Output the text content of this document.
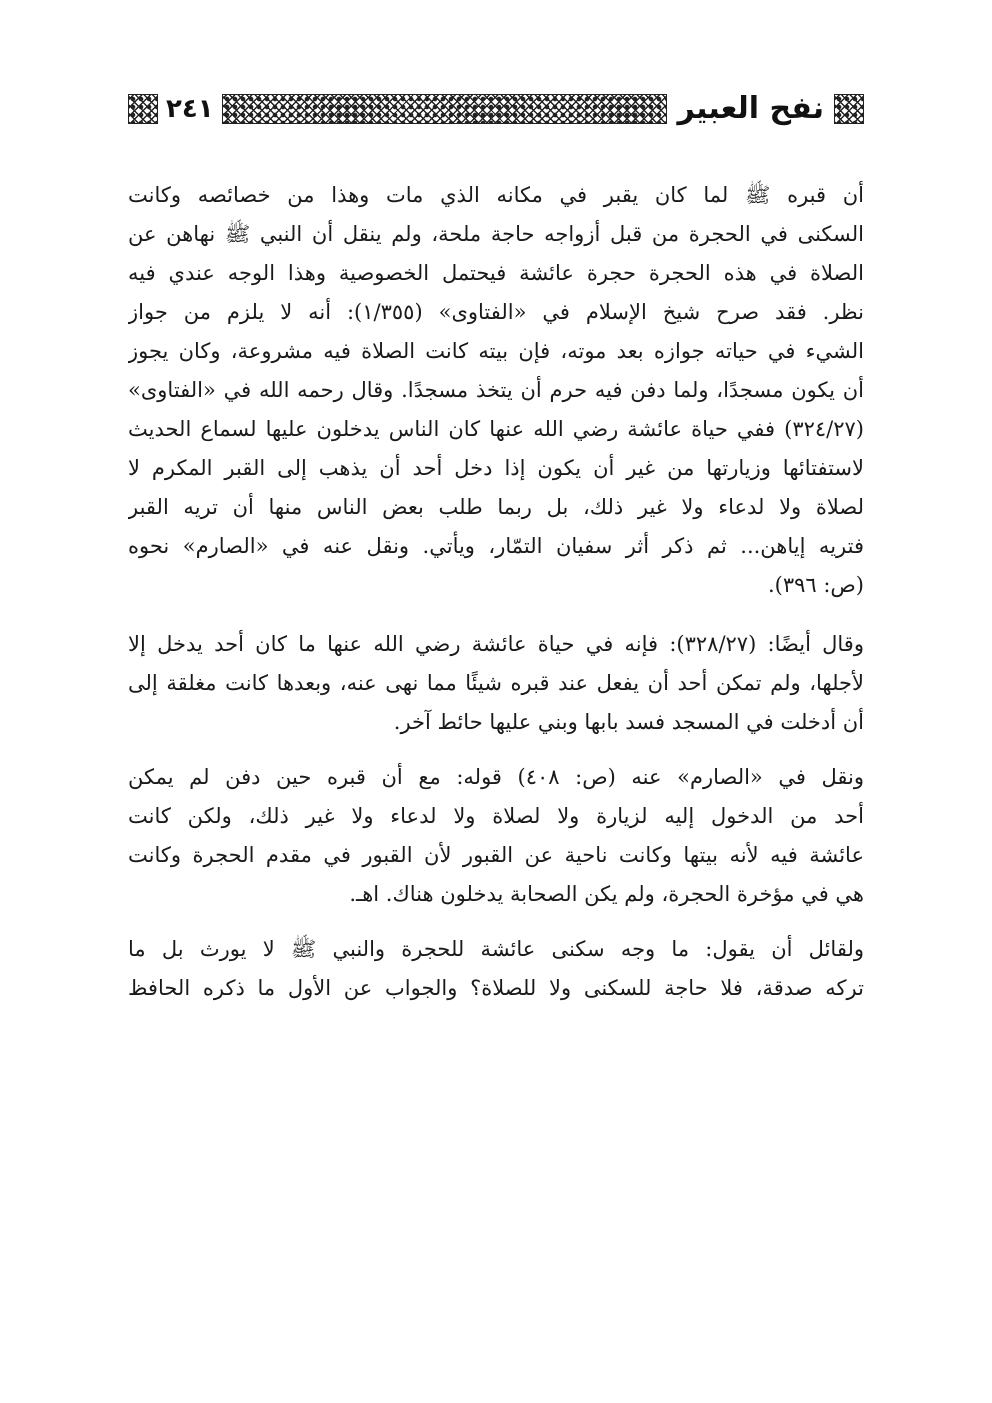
٢٤١	نفح العبير

أن قبره ﷺ لما كان يقبر في مكانه الذي مات وهذا من خصائصه وكانت
السكنى في الحجرة من قبل أزواجه حاجة ملحة، ولم ينقل أن النبي ﷺ نهاهن عن
الصلاة في هذه الحجرة حجرة عائشة فيحتمل الخصوصية وهذا الوجه عندي فيه
نظر. فقد صرح شيخ الإسلام في «الفتاوى» (١/٣٥٥): أنه لا يلزم من جواز
الشيء في حياته جوازه بعد موته، فإن بيته كانت الصلاة فيه مشروعة، وكان يجوز
أن يكون مسجدًا، ولما دفن فيه حرم أن يتخذ مسجدًا. وقال رحمه الله في «الفتاوى»
(٣٢٤/٢٧) ففي حياة عائشة رضي الله عنها كان الناس يدخلون عليها لسماع الحديث
لاستفتائها وزيارتها من غير أن يكون إذا دخل أحد أن يذهب إلى القبر المكرم لا
لصلاة ولا لدعاء ولا غير ذلك، بل ربما طلب بعض الناس منها أن تريه القبر
فتريه إياهن... ثم ذكر أثر سفيان التمّار، ويأتي. ونقل عنه في «الصارم» نحوه
(ص: ٣٩٦).

وقال أيضًا: (٣٢٨/٢٧): فإنه في حياة عائشة رضي الله عنها ما كان أحد يدخل إلا
لأجلها، ولم تمكن أحد أن يفعل عند قبره شيئًا مما نهى عنه، وبعدها كانت مغلقة إلى
أن أدخلت في المسجد فسد بابها وبني عليها حائط آخر.

ونقل في «الصارم» عنه (ص: ٤٠٨) قوله: مع أن قبره حين دفن لم يمكن
أحد من الدخول إليه لزيارة ولا لصلاة ولا لدعاء ولا غير ذلك، ولكن كانت
عائشة فيه لأنه بيتها وكانت ناحية عن القبور لأن القبور في مقدم الحجرة وكانت
هي في مؤخرة الحجرة، ولم يكن الصحابة يدخلون هناك. اهـ.

ولقائل أن يقول: ما وجه سكنى عائشة للحجرة والنبي ﷺ لا يورث بل ما
تركه صدقة، فلا حاجة للسكنى ولا للصلاة؟ والجواب عن الأول ما ذكره الحافظ
